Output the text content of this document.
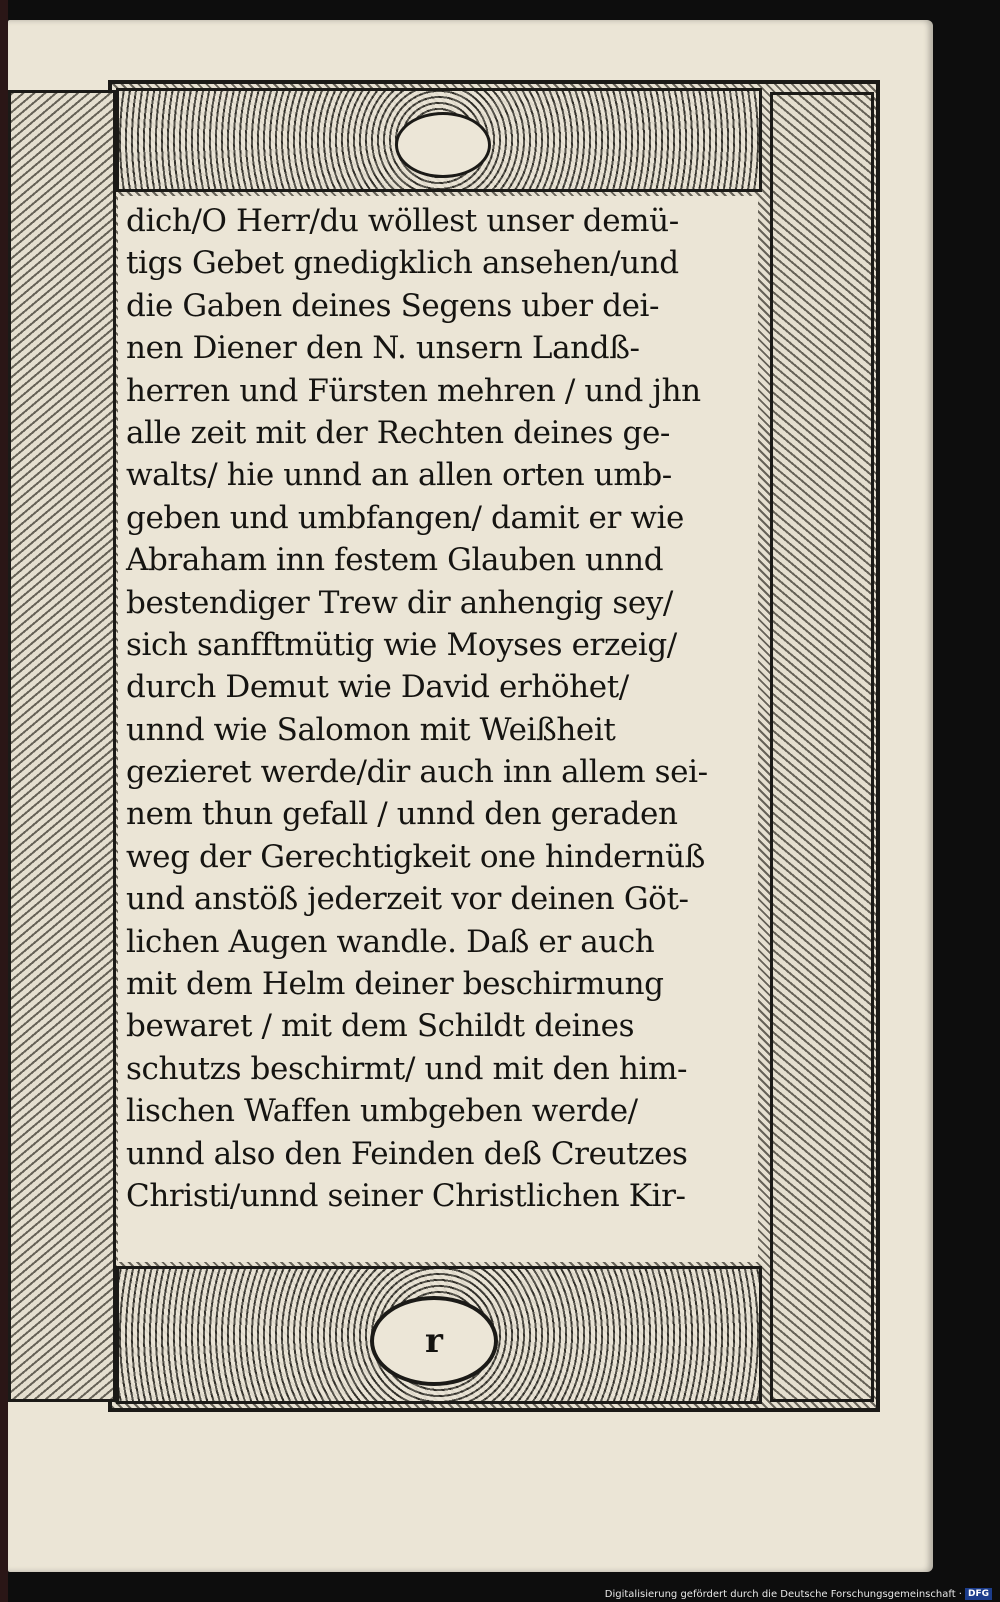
r
dich/O Herr/du wöllest unser demü-
tigs Gebet gnedigklich ansehen/und
die Gaben deines Segens uber dei-
nen Diener den N. unsern Landß-
herren und Fürsten mehren / und jhn
alle zeit mit der Rechten deines ge-
walts/ hie unnd an allen orten umb-
geben und umbfangen/ damit er wie
Abraham inn festem Glauben unnd
bestendiger Trew dir anhengig sey/
sich sanfftmütig wie Moyses erzeig/
durch Demut wie David erhöhet/
unnd wie Salomon mit Weißheit
gezieret werde/dir auch inn allem sei-
nem thun gefall / unnd den geraden
weg der Gerechtigkeit one hindernüß
und anstöß jederzeit vor deinen Göt-
lichen Augen wandle. Daß er auch
mit dem Helm deiner beschirmung
bewaret / mit dem Schildt deines
schutzs beschirmt/ und mit den him-
lischen Waffen umbgeben werde/
unnd also den Feinden deß Creutzes
Christi/unnd seiner Christlichen Kir-
Digitalisierung gefördert durch die Deutsche Forschungsgemeinschaft · DFG
